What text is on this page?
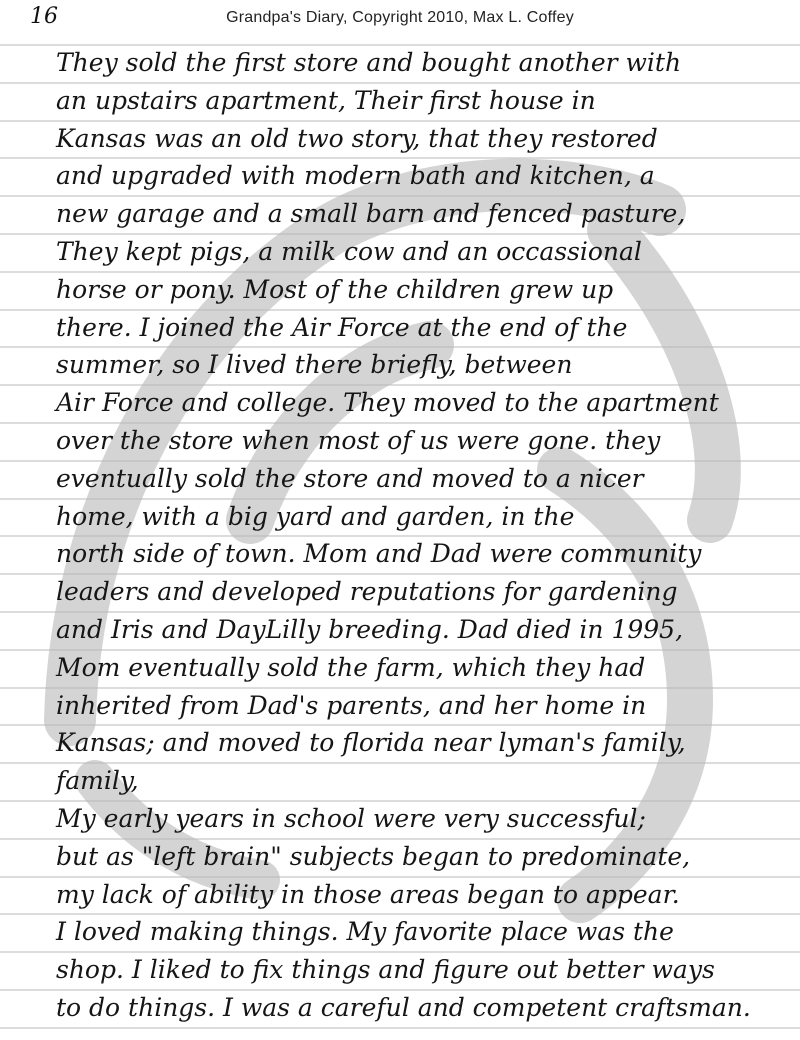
16	Grandpa's Diary, Copyright 2010, Max L. Coffey
They sold the first store and bought another with
an upstairs apartment, Their first house in
Kansas was an old two story, that they restored
and upgraded with modern bath and kitchen, a
new garage and a small barn and fenced pasture,
They kept pigs, a milk cow and an occassional
horse or pony. Most of the children grew up
there. I joined the Air Force at the end of the
summer, so I lived there briefly, between
Air Force and college. They moved to the apartment
over the store when most of us were gone. they
eventually sold the store and moved to a nicer
home, with a big yard and garden, in the
north side of town. Mom and Dad were community
leaders and developed reputations for gardening
and Iris and DayLilly breeding. Dad died in 1995,
Mom eventually sold the farm, which they had
inherited from Dad's parents, and her home in
Kansas; and moved to florida near lyman's family,
family,
My early years in school were very successful;
but as "left brain" subjects began to predominate,
my lack of ability in those areas began to appear.
I loved making things. My favorite place was the
shop. I liked to fix things and figure out better ways
to do things. I was a careful and competent craftsman.
